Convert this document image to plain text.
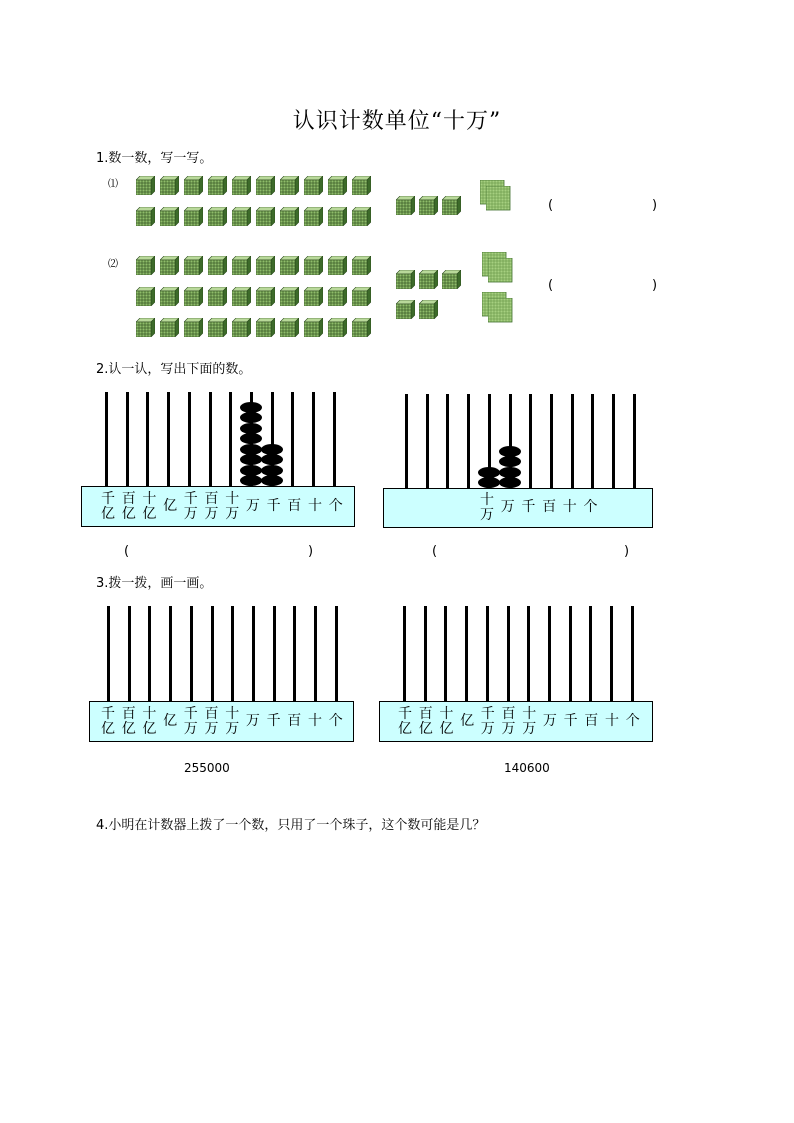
认识计数单位“十万”
1.数一数，写一写。
⑴
⑵
(	)
(	)
2.认一认，写出下面的数。
千
亿
百
亿
十
亿 亿 千
万
百
万
十
万 万 千 百 十 个	十
万 万 千 百 十 个
(	)	(	)
3.拨一拨，画一画。
千
亿
百
亿
十
亿 亿 千
万
百
万
十
万 万 千 百 十 个	千
亿
百
亿
十
亿 亿 千
万
百
万
十
万 万 千 百 十 个
255000	140600
4.小明在计数器上拨了一个数，只用了一个珠子，这个数可能是几？
